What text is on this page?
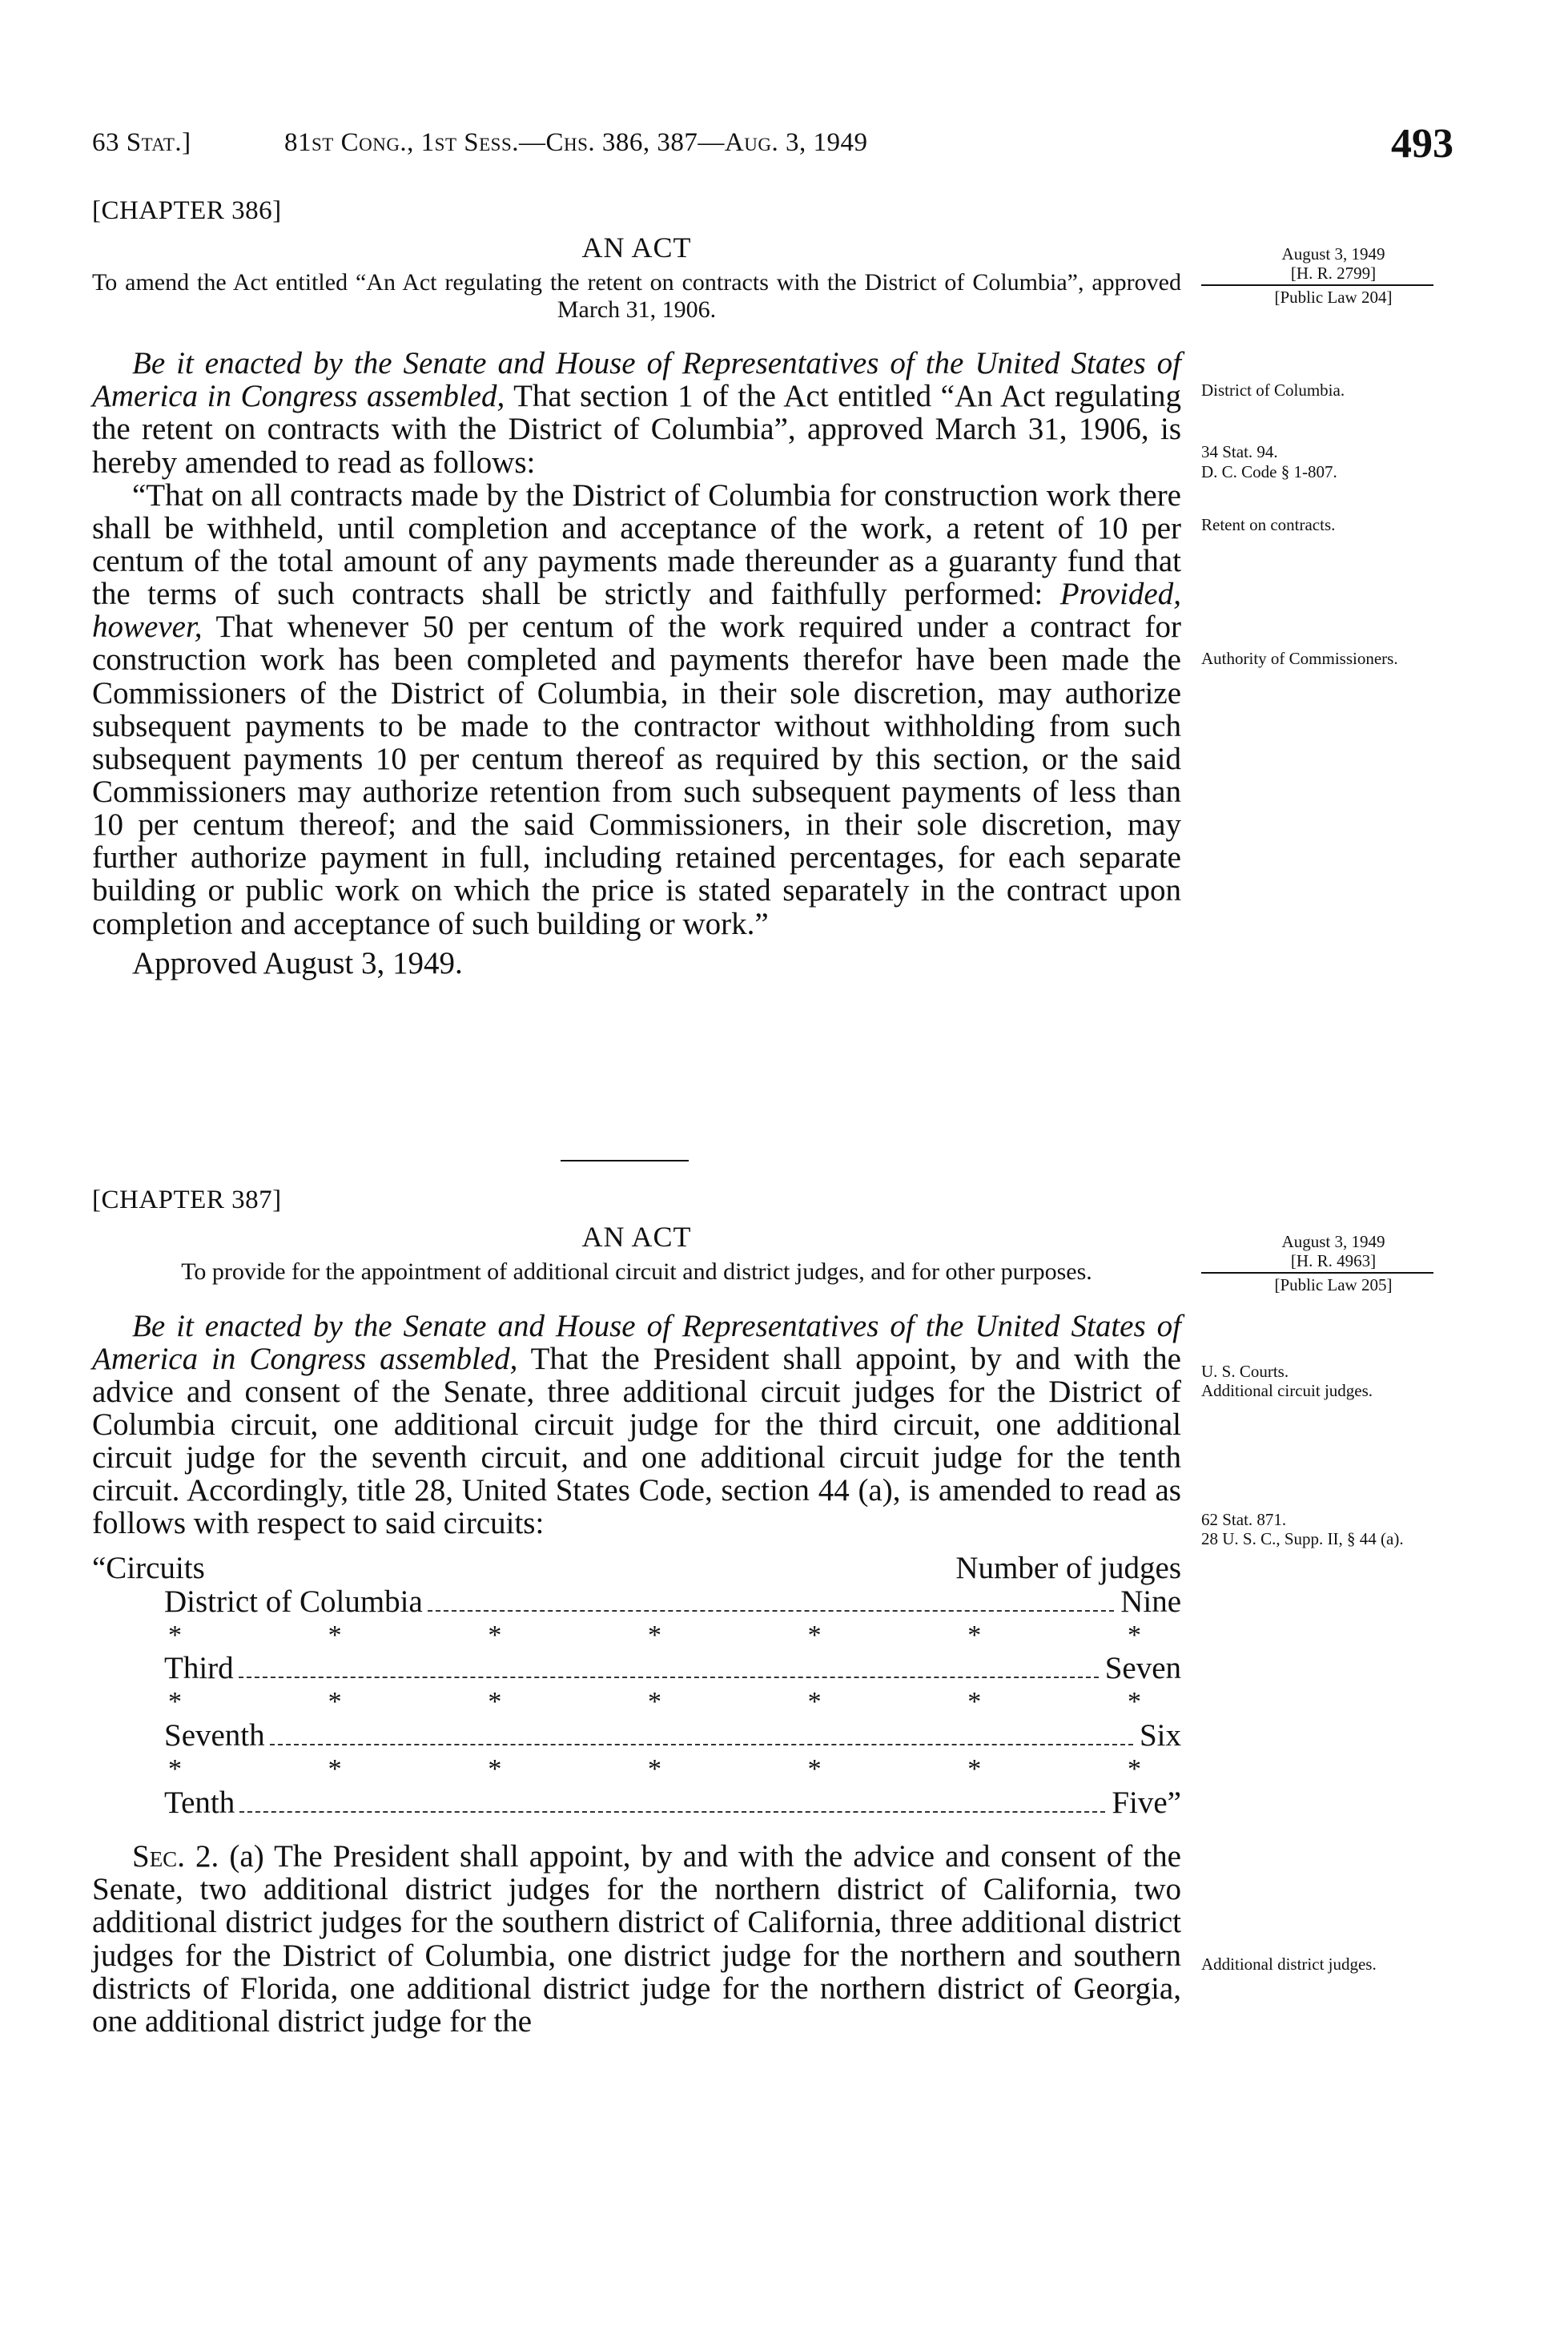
63 Stat.]	81st Cong., 1st Sess.—Chs. 386, 387—Aug. 3, 1949	493
[CHAPTER 386]
AN ACT
To amend the Act entitled “An Act regulating the retent on contracts with the District of Columbia”, approved March 31, 1906.
Be it enacted by the Senate and House of Representatives of the United States of America in Congress assembled, That section 1 of the Act entitled “An Act regulating the retent on contracts with the District of Columbia”, approved March 31, 1906, is hereby amended to read as follows:
“That on all contracts made by the District of Columbia for construction work there shall be withheld, until completion and acceptance of the work, a retent of 10 per centum of the total amount of any payments made thereunder as a guaranty fund that the terms of such contracts shall be strictly and faithfully performed: Provided, however, That whenever 50 per centum of the work required under a contract for construction work has been completed and payments therefor have been made the Commissioners of the District of Columbia, in their sole discretion, may authorize subsequent payments to be made to the contractor without withholding from such subsequent payments 10 per centum thereof as required by this section, or the said Commissioners may authorize retention from such subsequent payments of less than 10 per centum thereof; and the said Commissioners, in their sole discretion, may further authorize payment in full, including retained percentages, for each separate building or public work on which the price is stated separately in the contract upon completion and acceptance of such building or work.”
Approved August 3, 1949.
August 3, 1949
[H. R. 2799]
[Public Law 204]
District of Columbia.
34 Stat. 94.
D. C. Code § 1-807.
Retent on contracts.
Authority of Commissioners.
[CHAPTER 387]
AN ACT
To provide for the appointment of additional circuit and district judges, and for other purposes.
Be it enacted by the Senate and House of Representatives of the United States of America in Congress assembled, That the President shall appoint, by and with the advice and consent of the Senate, three additional circuit judges for the District of Columbia circuit, one additional circuit judge for the third circuit, one additional circuit judge for the seventh circuit, and one additional circuit judge for the tenth circuit. Accordingly, title 28, United States Code, section 44 (a), is amended to read as follows with respect to said circuits:
“Circuits	Number of judges
District of Columbia	Nine
*	*	*	*	*	*	*
Third	Seven
*	*	*	*	*	*	*
Seventh	Six
*	*	*	*	*	*	*
Tenth	Five”
Sec. 2. (a) The President shall appoint, by and with the advice and consent of the Senate, two additional district judges for the northern district of California, two additional district judges for the southern district of California, three additional district judges for the District of Columbia, one district judge for the northern and southern districts of Florida, one additional district judge for the northern district of Georgia, one additional district judge for the
August 3, 1949
[H. R. 4963]
[Public Law 205]
U. S. Courts.
Additional circuit judges.
62 Stat. 871.
28 U. S. C., Supp. II, § 44 (a).
Additional district judges.
